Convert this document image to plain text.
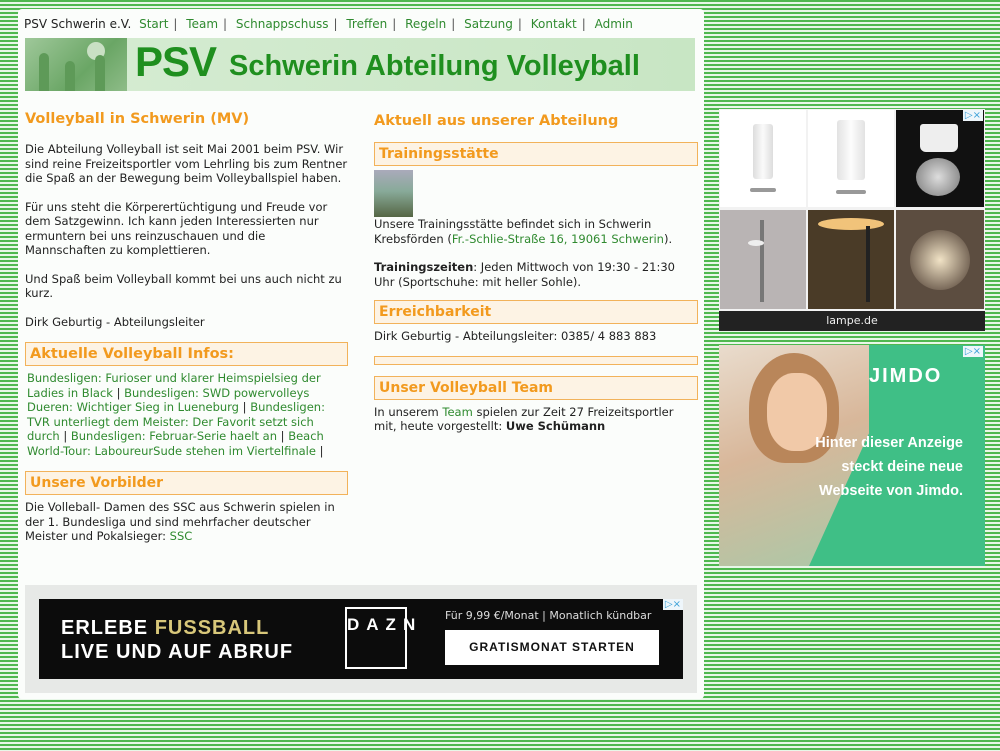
PSV Schwerin e.V. Start | Team | Schnappschuss | Treffen | Regeln | Satzung | Kontakt | Admin
PSV Schwerin Abteilung Volleyball
Volleyball in Schwerin (MV)
Die Abteilung Volleyball ist seit Mai 2001 beim PSV. Wir sind reine Freizeitsportler vom Lehrling bis zum Rentner die Spaß an der Bewegung beim Volleyballspiel haben.
Für uns steht die Körperertüchtigung und Freude vor dem Satzgewinn. Ich kann jeden Interessierten nur ermuntern bei uns reinzuschauen und die Mannschaften zu komplettieren.
Und Spaß beim Volleyball kommt bei uns auch nicht zu kurz.
Dirk Geburtig - Abteilungsleiter
Aktuelle Volleyball Infos:
Bundesligen: Furioser und klarer Heimspielsieg der Ladies in Black | Bundesligen: SWD powervolleys Dueren: Wichtiger Sieg in Lueneburg | Bundesligen: TVR unterliegt dem Meister: Der Favorit setzt sich durch | Bundesligen: Februar-Serie haelt an | Beach World-Tour: LaboureurSude stehen im Viertelfinale |
Unsere Vorbilder
Die Volleball- Damen des SSC aus Schwerin spielen in der 1. Bundesliga und sind mehrfacher deutscher Meister und Pokalsieger: SSC
Aktuell aus unserer Abteilung
Trainingsstätte
Unsere Trainingsstätte befindet sich in Schwerin Krebsförden (Fr.-Schlie-Straße 16, 19061 Schwerin).
Trainingszeiten: Jeden Mittwoch von 19:30 - 21:30 Uhr (Sportschuhe: mit heller Sohle).
Erreichbarkeit
Dirk Geburtig - Abteilungsleiter: 0385/ 4 883 883
Unser Volleyball Team
In unserem Team spielen zur Zeit 27 Freizeitsportler mit, heute vorgestellt: Uwe Schümann
ERLEBE FUSSBALL
LIVE UND AUF ABRUF
DAZN Für 9,99 €/Monat | Monatlich kündbar
GRATISMONAT STARTEN
▷×
lampe.de
▷×
JIMDO
Hinter dieser Anzeige steckt deine neue Webseite von Jimdo.
▷×
